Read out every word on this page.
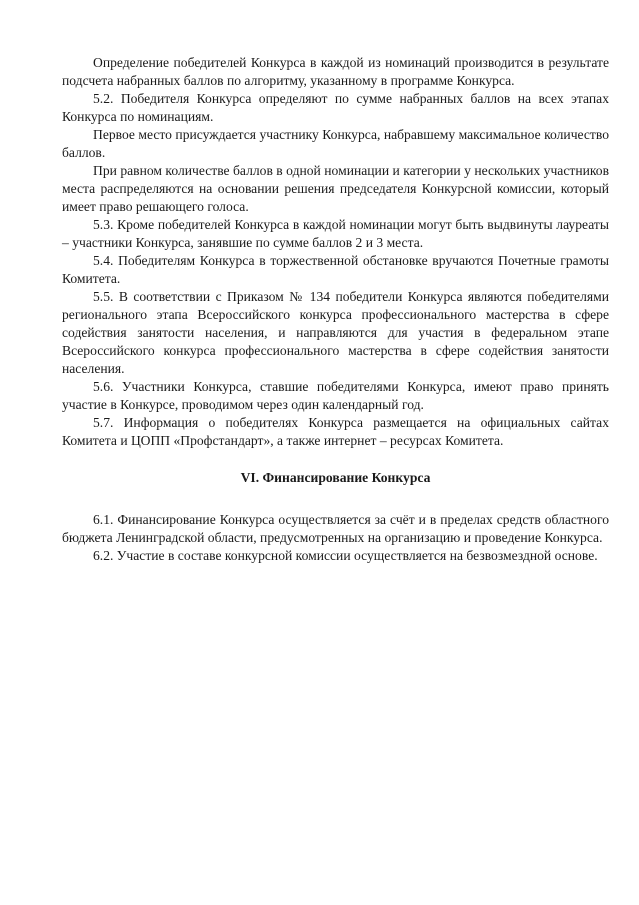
Определение победителей Конкурса в каждой из номинаций производится в результате подсчета набранных баллов по алгоритму, указанному в программе Конкурса.

5.2. Победителя Конкурса определяют по сумме набранных баллов на всех этапах Конкурса по номинациям.

Первое место присуждается участнику Конкурса, набравшему максимальное количество баллов.

При равном количестве баллов в одной номинации и категории у нескольких участников места распределяются на основании решения председателя Конкурсной комиссии, который имеет право решающего голоса.

5.3. Кроме победителей Конкурса в каждой номинации могут быть выдвинуты лауреаты – участники Конкурса, занявшие по сумме баллов 2 и 3 места.

5.4. Победителям Конкурса в торжественной обстановке вручаются Почетные грамоты Комитета.

5.5. В соответствии с Приказом № 134 победители Конкурса являются победителями регионального этапа Всероссийского конкурса профессионального мастерства в сфере содействия занятости населения, и направляются для участия в федеральном этапе Всероссийского конкурса профессионального мастерства в сфере содействия занятости населения.

5.6. Участники Конкурса, ставшие победителями Конкурса, имеют право принять участие в Конкурсе, проводимом через один календарный год.

5.7. Информация о победителях Конкурса размещается на официальных сайтах Комитета и ЦОПП «Профстандарт», а также интернет – ресурсах Комитета.

VI. Финансирование Конкурса

6.1. Финансирование Конкурса осуществляется за счёт и в пределах средств областного бюджета Ленинградской области, предусмотренных на организацию и проведение Конкурса.

6.2. Участие в составе конкурсной комиссии осуществляется на безвозмездной основе.
